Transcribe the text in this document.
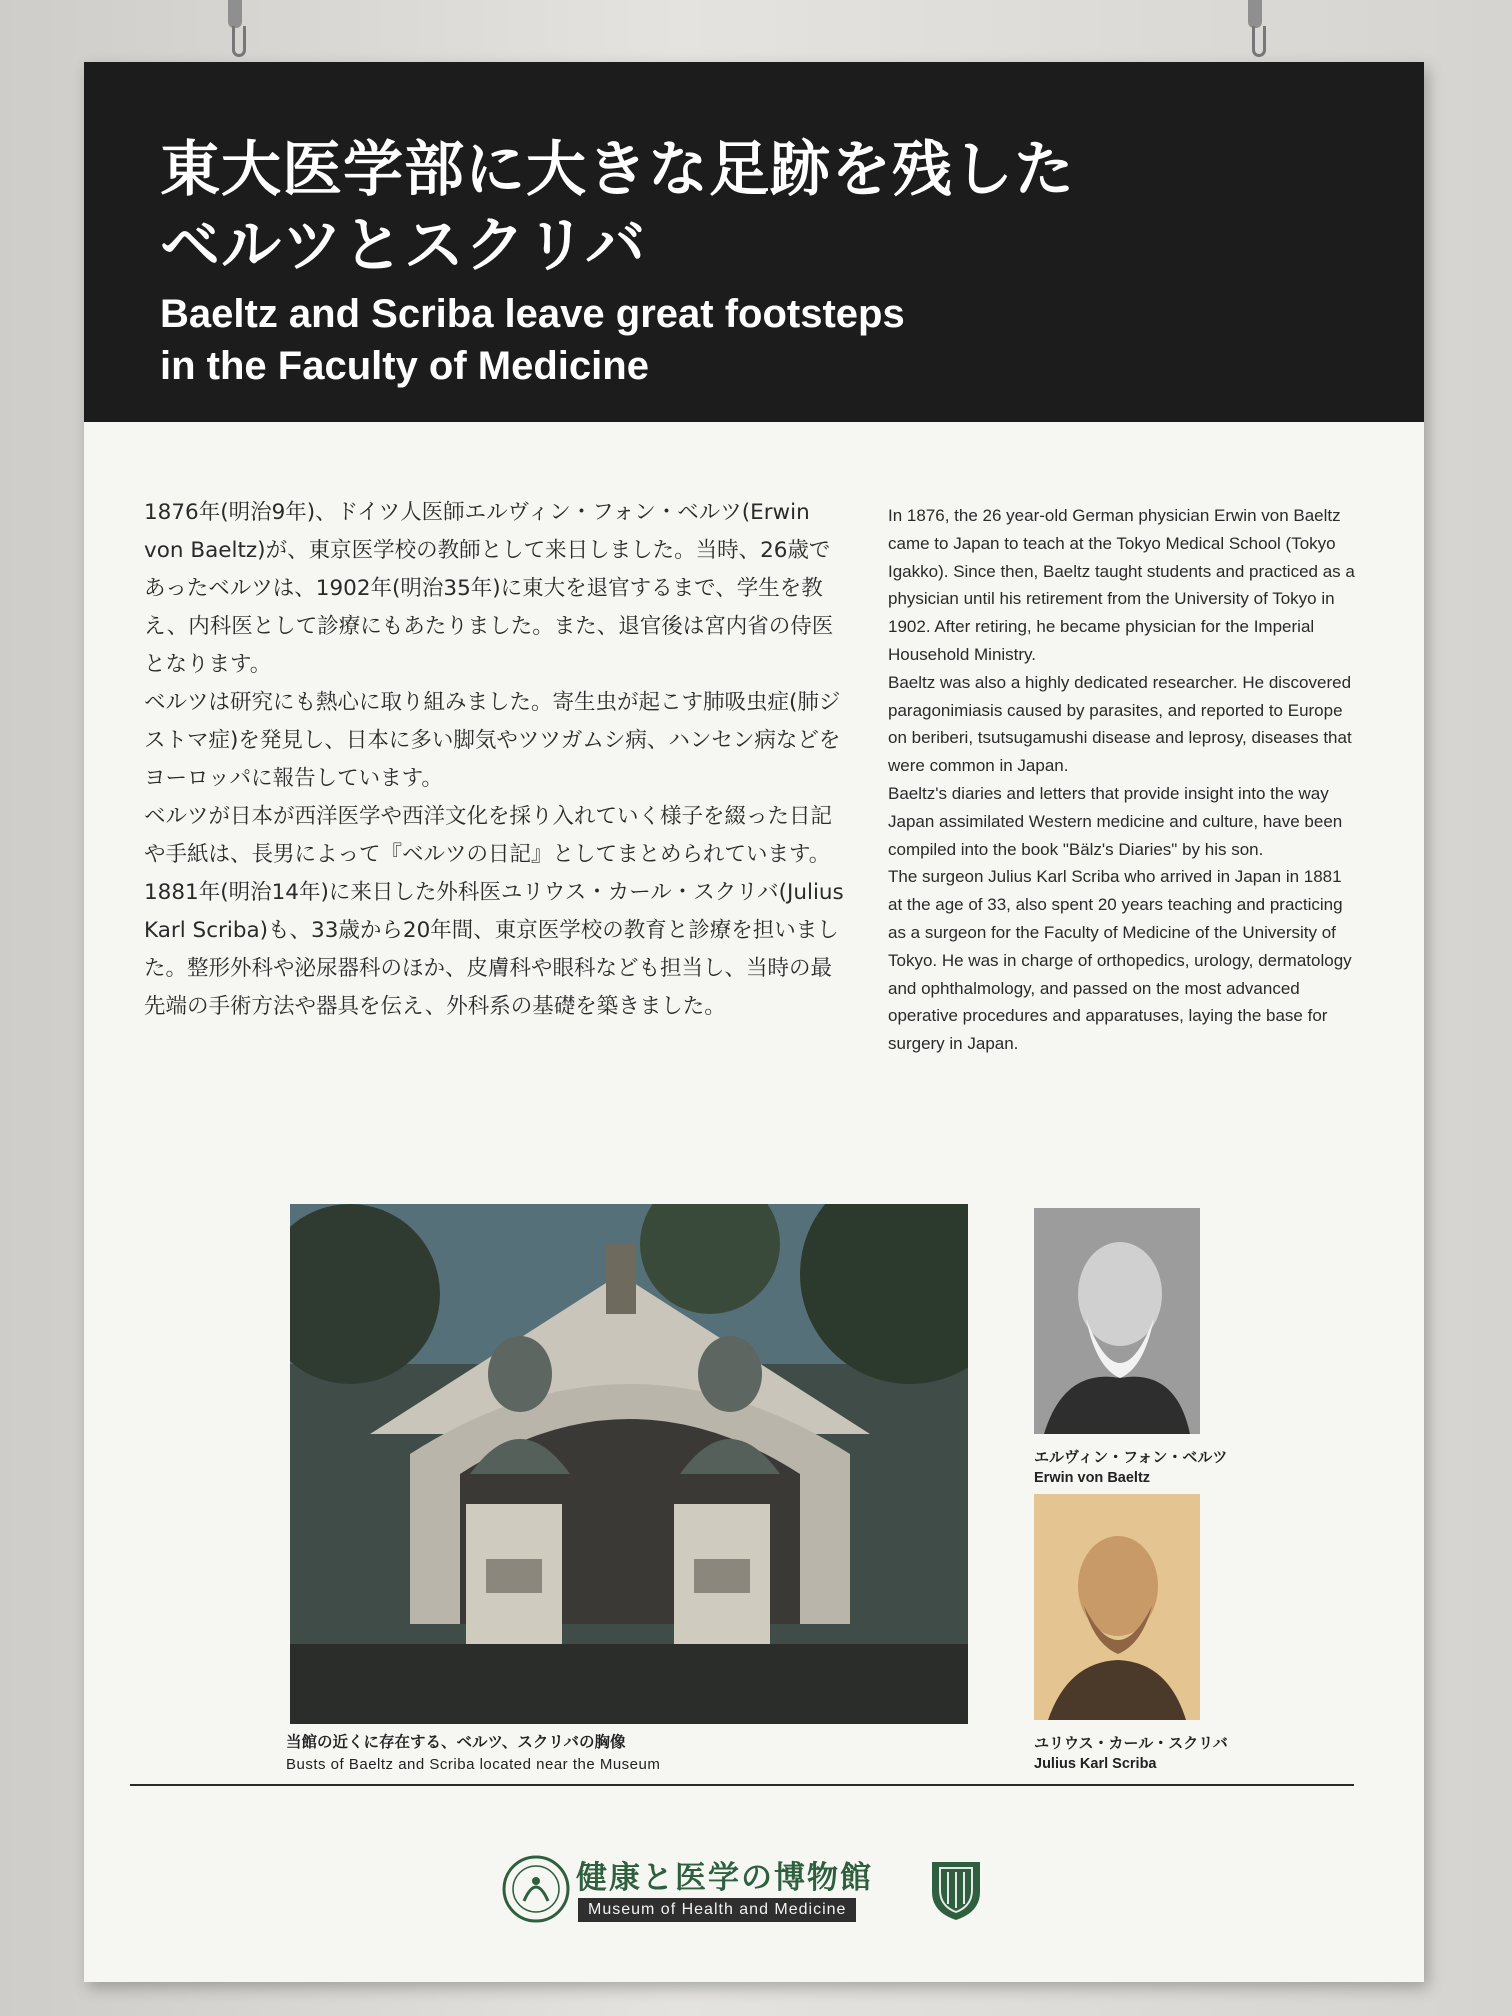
東大医学部に大きな足跡を残した
ベルツとスクリバ
Baeltz and Scriba leave great footsteps
in the Faculty of Medicine

1876年(明治9年)、ドイツ人医師エルヴィン・フォン・ベルツ(Erwin von Baeltz)が、東京医学校の教師として来日しました。当時、26歳であったベルツは、1902年(明治35年)に東大を退官するまで、学生を教え、内科医として診療にもあたりました。また、退官後は宮内省の侍医となります。

ベルツは研究にも熱心に取り組みました。寄生虫が起こす肺吸虫症(肺ジストマ症)を発見し、日本に多い脚気やツツガムシ病、ハンセン病などをヨーロッパに報告しています。

ベルツが日本が西洋医学や西洋文化を採り入れていく様子を綴った日記や手紙は、長男によって『ベルツの日記』としてまとめられています。

1881年(明治14年)に来日した外科医ユリウス・カール・スクリバ(Julius Karl Scriba)も、33歳から20年間、東京医学校の教育と診療を担いました。整形外科や泌尿器科のほか、皮膚科や眼科なども担当し、当時の最先端の手術方法や器具を伝え、外科系の基礎を築きました。

In 1876, the 26 year-old German physician Erwin von Baeltz came to Japan to teach at the Tokyo Medical School (Tokyo Igakko). Since then, Baeltz taught students and practiced as a physician until his retirement from the University of Tokyo in 1902. After retiring, he became physician for the Imperial Household Ministry.

Baeltz was also a highly dedicated researcher. He discovered paragonimiasis caused by parasites, and reported to Europe on beriberi, tsutsugamushi disease and leprosy, diseases that were common in Japan.

Baeltz's diaries and letters that provide insight into the way Japan assimilated Western medicine and culture, have been compiled into the book "Bälz's Diaries" by his son.

The surgeon Julius Karl Scriba who arrived in Japan in 1881 at the age of 33, also spent 20 years teaching and practicing as a surgeon for the Faculty of Medicine of the University of Tokyo. He was in charge of orthopedics, urology, dermatology and ophthalmology, and passed on the most advanced operative procedures and apparatuses, laying the base for surgery in Japan.

当館の近くに存在する、ベルツ、スクリバの胸像
Busts of Baeltz and Scriba located near the Museum
エルヴィン・フォン・ベルツ
Erwin von Baeltz
ユリウス・カール・スクリバ
Julius Karl Scriba
健康と医学の博物館
Museum of Health and Medicine
